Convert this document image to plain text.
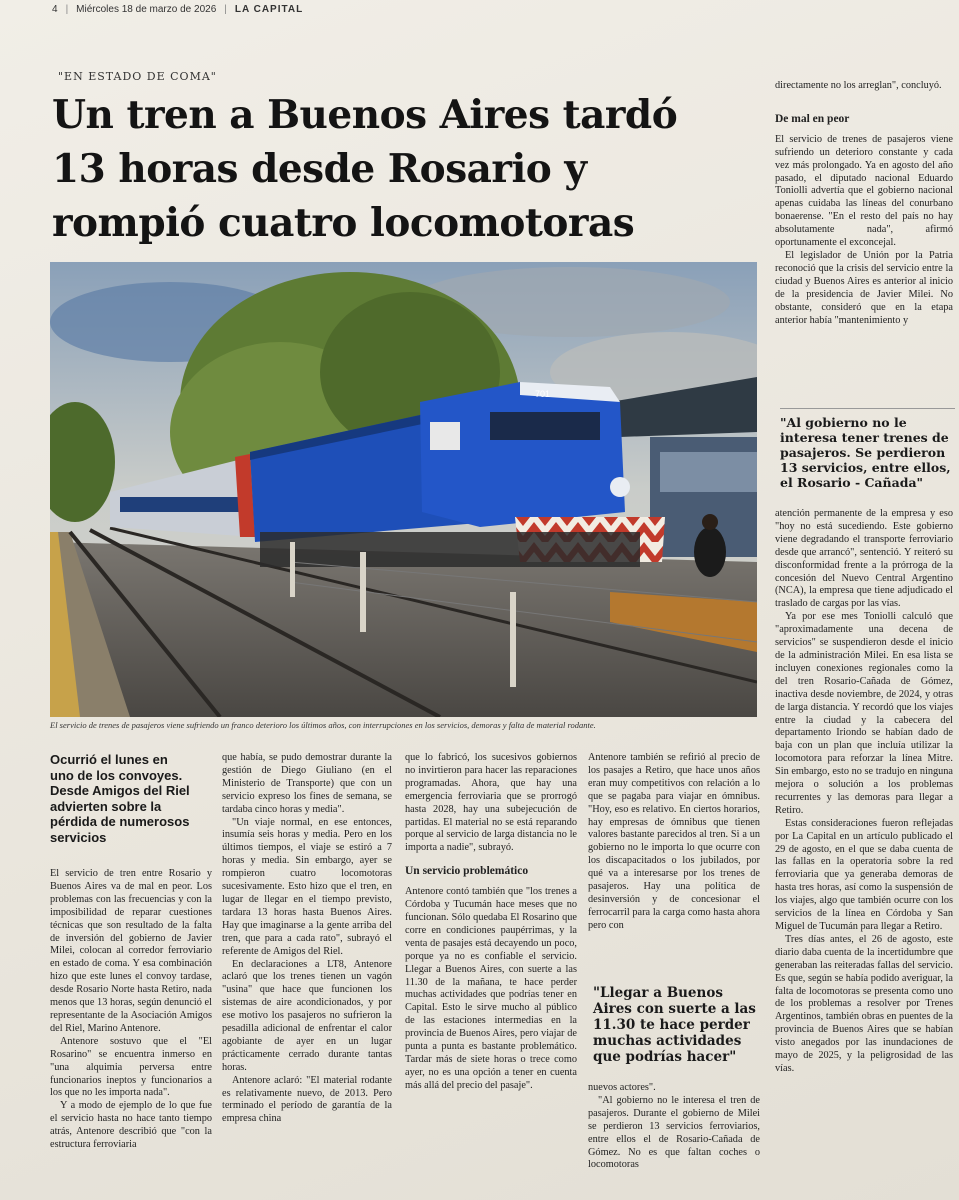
4 | Miércoles 18 de marzo de 2026 | LA CAPITAL
"EN ESTADO DE COMA"
Un tren a Buenos Aires tardó 13 horas desde Rosario y rompió cuatro locomotoras
701
El servicio de trenes de pasajeros viene sufriendo un franco deterioro los últimos años, con interrupciones en los servicios, demoras y falta de material rodante.
Ocurrió el lunes en uno de los convoyes. Desde Amigos del Riel advierten sobre la pérdida de numerosos servicios

El servicio de tren entre Rosario y Buenos Aires va de mal en peor. Los problemas con las frecuencias y con la imposibilidad de reparar cuestiones técnicas que son resultado de la falta de inversión del gobierno de Javier Milei, colocan al corredor ferroviario en estado de coma. Y esa combinación hizo que este lunes el convoy tardase, desde Rosario Norte hasta Retiro, nada menos que 13 horas, según denunció el representante de la Asociación Amigos del Riel, Marino Antenore.

Antenore sostuvo que el "El Rosarino" se encuentra inmerso en "una alquimia perversa entre funcionarios ineptos y funcionarios a los que no les importa nada".

Y a modo de ejemplo de lo que fue el servicio hasta no hace tanto tiempo atrás, Antenore describió que "con la estructura ferroviaria

que había, se pudo demostrar durante la gestión de Diego Giuliano (en el Ministerio de Transporte) que con un servicio expreso los fines de semana, se tardaba cinco horas y media".

"Un viaje normal, en ese entonces, insumía seis horas y media. Pero en los últimos tiempos, el viaje se estiró a 7 horas y media. Sin embargo, ayer se rompieron cuatro locomotoras sucesivamente. Esto hizo que el tren, en lugar de llegar en el tiempo previsto, tardara 13 horas hasta Buenos Aires. Hay que imaginarse a la gente arriba del tren, que para a cada rato", subrayó el referente de Amigos del Riel.

En declaraciones a LT8, Antenore aclaró que los trenes tienen un vagón "usina" que hace que funcionen los sistemas de aire acondicionados, y por ese motivo los pasajeros no sufrieron la pesadilla adicional de enfrentar el calor agobiante de ayer en un lugar prácticamente cerrado durante tantas horas.

Antenore aclaró: "El material rodante es relativamente nuevo, de 2013. Pero terminado el período de garantía de la empresa china

que lo fabricó, los sucesivos gobiernos no invirtieron para hacer las reparaciones programadas. Ahora, que hay una emergencia ferroviaria que se prorrogó hasta 2028, hay una subejecución de partidas. El material no se está reparando porque al servicio de larga distancia no le importa a nadie", subrayó.

Un servicio problemático

Antenore contó también que "los trenes a Córdoba y Tucumán hace meses que no funcionan. Sólo quedaba El Rosarino que corre en condiciones paupérrimas, y la venta de pasajes está decayendo un poco, porque ya no es confiable el servicio. Llegar a Buenos Aires, con suerte a las 11.30 de la mañana, te hace perder muchas actividades que podrías tener en Capital. Esto le sirve mucho al público de las estaciones intermedias en la provincia de Buenos Aires, pero viajar de punta a punta es bastante problemático. Tardar más de siete horas o trece como ayer, no es una opción a tener en cuenta más allá del precio del pasaje".

Antenore también se refirió al precio de los pasajes a Retiro, que hace unos años eran muy competitivos con relación a lo que se pagaba para viajar en ómnibus. "Hoy, eso es relativo. En ciertos horarios, hay empresas de ómnibus que tienen valores bastante parecidos al tren. Si a un gobierno no le importa lo que ocurre con los discapacitados o los jubilados, por qué va a interesarse por los trenes de pasajeros. Hay una política de desinversión y de concesionar el ferrocarril para la carga como hasta ahora pero con

"Llegar a Buenos Aires con suerte a las 11.30 te hace perder muchas actividades que podrías hacer"

nuevos actores".

"Al gobierno no le interesa el tren de pasajeros. Durante el gobierno de Milei se perdieron 13 servicios ferroviarios, entre ellos el de Rosario-Cañada de Gómez. No es que faltan coches o locomotoras

directamente no los arreglan", concluyó.

De mal en peor

El servicio de trenes de pasajeros viene sufriendo un deterioro constante y cada vez más prolongado. Ya en agosto del año pasado, el diputado nacional Eduardo Toniolli advertía que el gobierno nacional apenas cuidaba las líneas del conurbano bonaerense. "En el resto del país no hay absolutamente nada", afirmó oportunamente el exconcejal.

El legislador de Unión por la Patria reconoció que la crisis del servicio entre la ciudad y Buenos Aires es anterior al inicio de la presidencia de Javier Milei. No obstante, consideró que en la etapa anterior había "mantenimiento y

"Al gobierno no le interesa tener trenes de pasajeros. Se perdieron 13 servicios, entre ellos, el Rosario - Cañada"

atención permanente de la empresa y eso "hoy no está sucediendo. Este gobierno viene degradando el transporte ferroviario desde que arrancó", sentenció. Y reiteró su disconformidad frente a la prórroga de la concesión del Nuevo Central Argentino (NCA), la empresa que tiene adjudicado el traslado de cargas por las vías.

Ya por ese mes Toniolli calculó que "aproximadamente una decena de servicios" se suspendieron desde el inicio de la administración Milei. En esa lista se incluyen conexiones regionales como la del tren Rosario-Cañada de Gómez, inactiva desde noviembre, de 2024, y otras de larga distancia. Y recordó que los viajes entre la ciudad y la cabecera del departamento Iriondo se habían dado de baja con un plan que incluía utilizar la locomotora para reforzar la línea Mitre. Sin embargo, esto no se tradujo en ninguna mejora o solución a los problemas recurrentes y las demoras para llegar a Retiro.

Estas consideraciones fueron reflejadas por La Capital en un artículo publicado el 29 de agosto, en el que se daba cuenta de las fallas en la operatoria sobre la red ferroviaria que ya generaba demoras de hasta tres horas, así como la suspensión de los viajes, algo que también ocurre con los servicios de la línea en Córdoba y San Miguel de Tucumán para llegar a Retiro.

Tres días antes, el 26 de agosto, este diario daba cuenta de la incertidumbre que generaban las reiteradas fallas del servicio. Es que, según se había podido averiguar, la falta de locomotoras se presenta como uno de los problemas a resolver por Trenes Argentinos, también obras en puentes de la provincia de Buenos Aires que se habían visto anegados por las inundaciones de mayo de 2025, y la peligrosidad de las vías.
